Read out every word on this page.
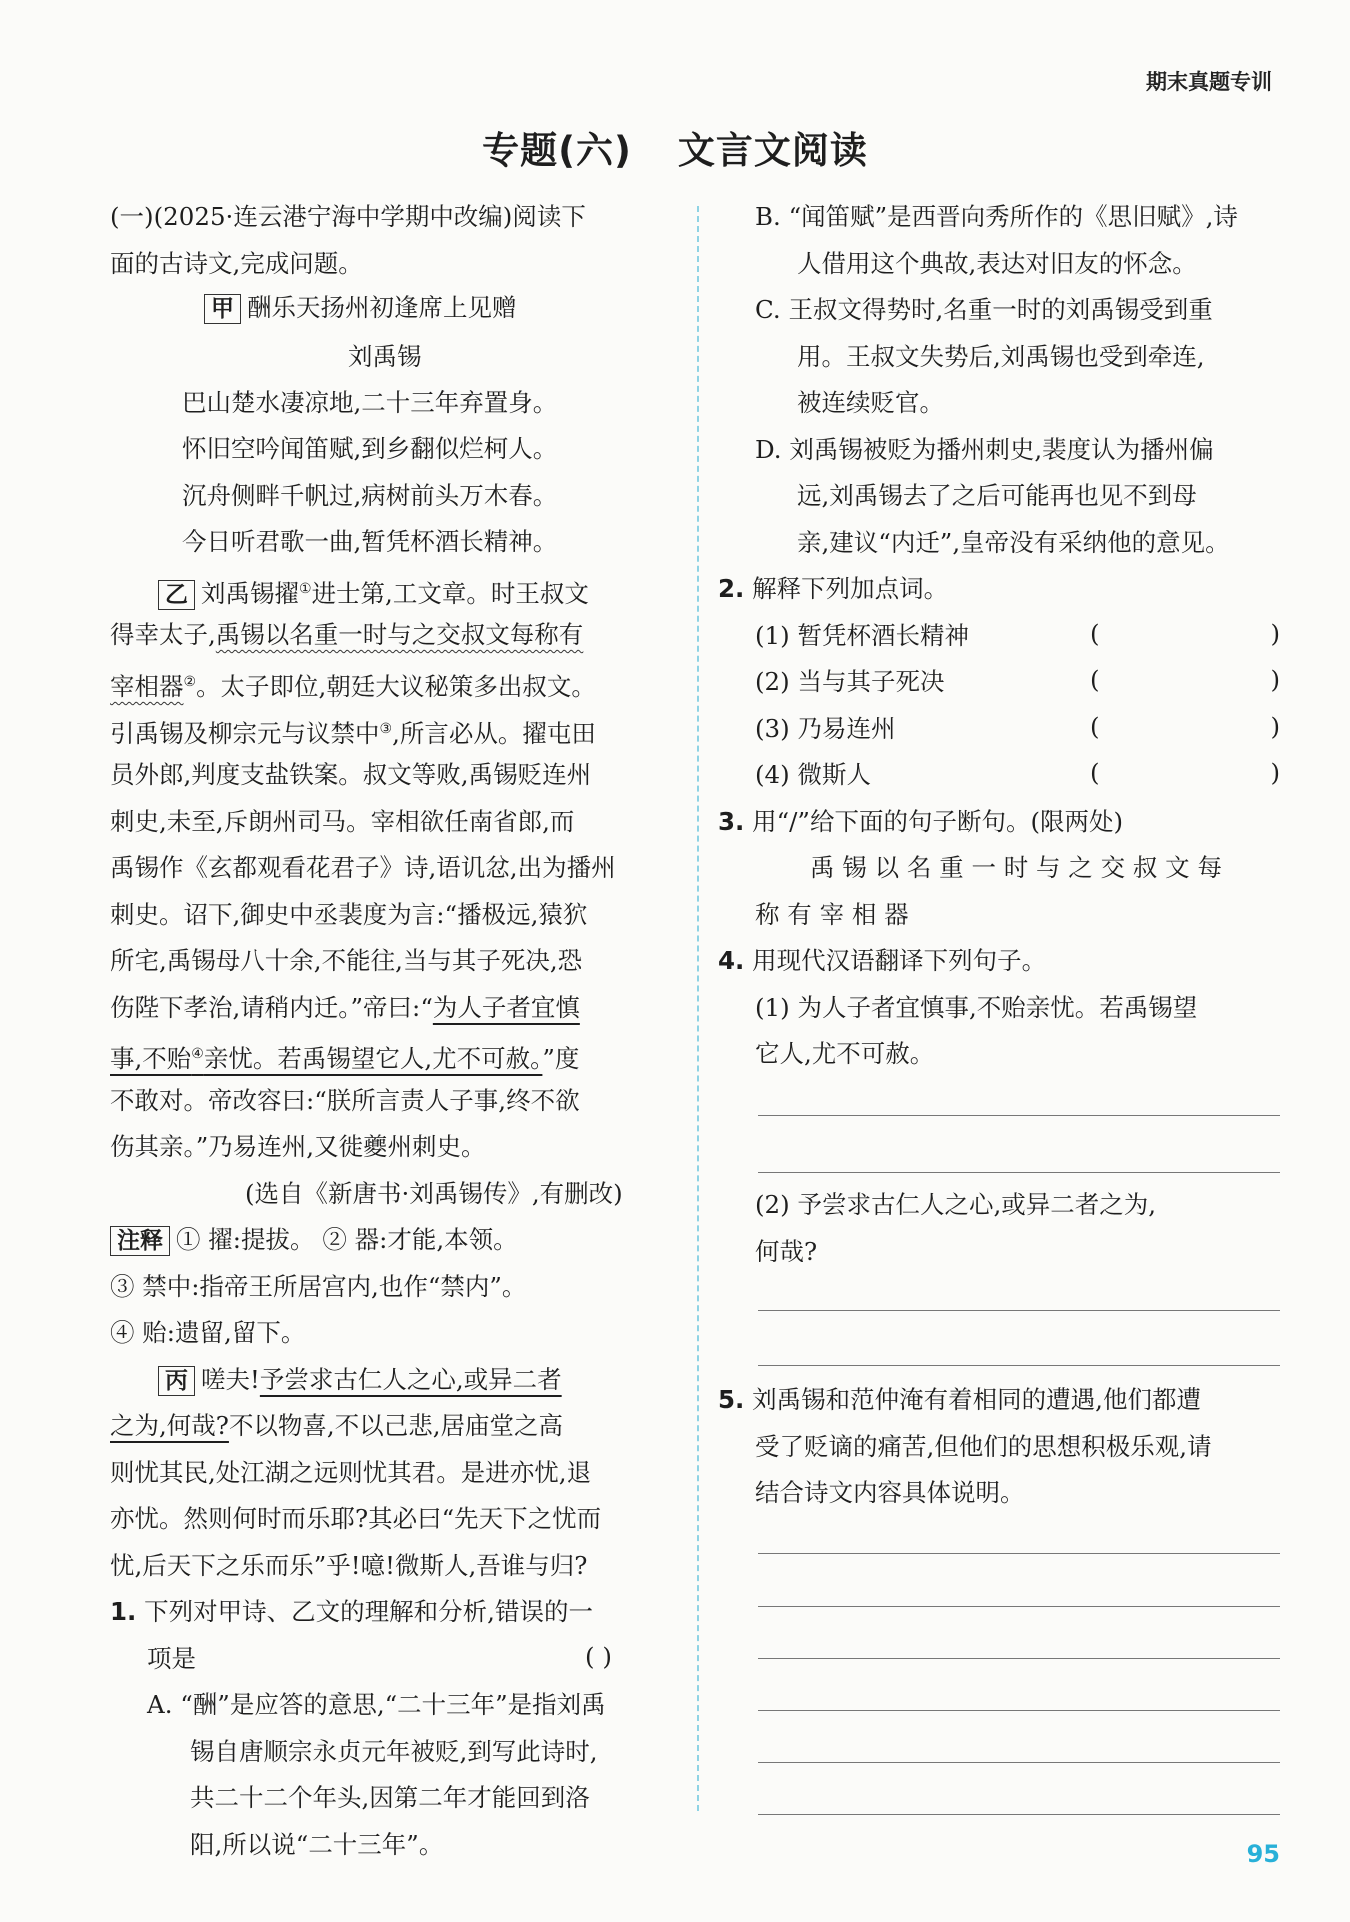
期末真题专训
专题(六) 文言文阅读
(一)(2025·连云港宁海中学期中改编)阅读下
面的古诗文,完成问题。
甲 酬乐天扬州初逢席上见赠
刘禹锡
巴山楚水凄凉地,二十三年弃置身。
怀旧空吟闻笛赋,到乡翻似烂柯人。
沉舟侧畔千帆过,病树前头万木春。
今日听君歌一曲,暂凭杯酒长精神。
乙 刘禹锡擢①进士第,工文章。时王叔文
得幸太子,禹锡以名重一时与之交叔文每称有
宰相器②。太子即位,朝廷大议秘策多出叔文。
引禹锡及柳宗元与议禁中③,所言必从。擢屯田
员外郎,判度支盐铁案。叔文等败,禹锡贬连州
刺史,未至,斥朗州司马。宰相欲任南省郎,而
禹锡作《玄都观看花君子》诗,语讥忿,出为播州
刺史。诏下,御史中丞裴度为言:“播极远,猿狖
所宅,禹锡母八十余,不能往,当与其子死决,恐
伤陛下孝治,请稍内迁。”帝曰:“为人子者宜慎
事,不贻④亲忧。若禹锡望它人,尤不可赦。”度
不敢对。帝改容曰:“朕所言责人子事,终不欲
伤其亲。”乃易连州,又徙夔州刺史。
(选自《新唐书·刘禹锡传》,有删改)
注释 ① 擢:提拔。 ② 器:才能,本领。
③ 禁中:指帝王所居宫内,也作“禁内”。
④ 贻:遗留,留下。
丙 嗟夫!予尝求古仁人之心,或异二者
之为,何哉?不以物喜,不以己悲,居庙堂之高
则忧其民,处江湖之远则忧其君。是进亦忧,退
亦忧。然则何时而乐耶?其必曰“先天下之忧而
忧,后天下之乐而乐”乎!噫!微斯人,吾谁与归?
1. 下列对甲诗、乙文的理解和分析,错误的一
项是	( )
A. “酬”是应答的意思,“二十三年”是指刘禹
锡自唐顺宗永贞元年被贬,到写此诗时,
共二十二个年头,因第二年才能回到洛
阳,所以说“二十三年”。
B. “闻笛赋”是西晋向秀所作的《思旧赋》,诗
人借用这个典故,表达对旧友的怀念。
C. 王叔文得势时,名重一时的刘禹锡受到重
用。王叔文失势后,刘禹锡也受到牵连,
被连续贬官。
D. 刘禹锡被贬为播州刺史,裴度认为播州偏
远,刘禹锡去了之后可能再也见不到母
亲,建议“内迁”,皇帝没有采纳他的意见。
2. 解释下列加点词。
(1) 暂凭杯酒长精神
(2) 当与其子死决
(3) 乃易连州
(4) 微斯人
( )
( )
( )
( )
3. 用“/”给下面的句子断句。(限两处)
禹 锡 以 名 重 一 时 与 之 交 叔 文 每
称 有 宰 相 器
4. 用现代汉语翻译下列句子。
(1) 为人子者宜慎事,不贻亲忧。若禹锡望
它人,尤不可赦。
(2) 予尝求古仁人之心,或异二者之为,
何哉?
5. 刘禹锡和范仲淹有着相同的遭遇,他们都遭
受了贬谪的痛苦,但他们的思想积极乐观,请
结合诗文内容具体说明。
95
